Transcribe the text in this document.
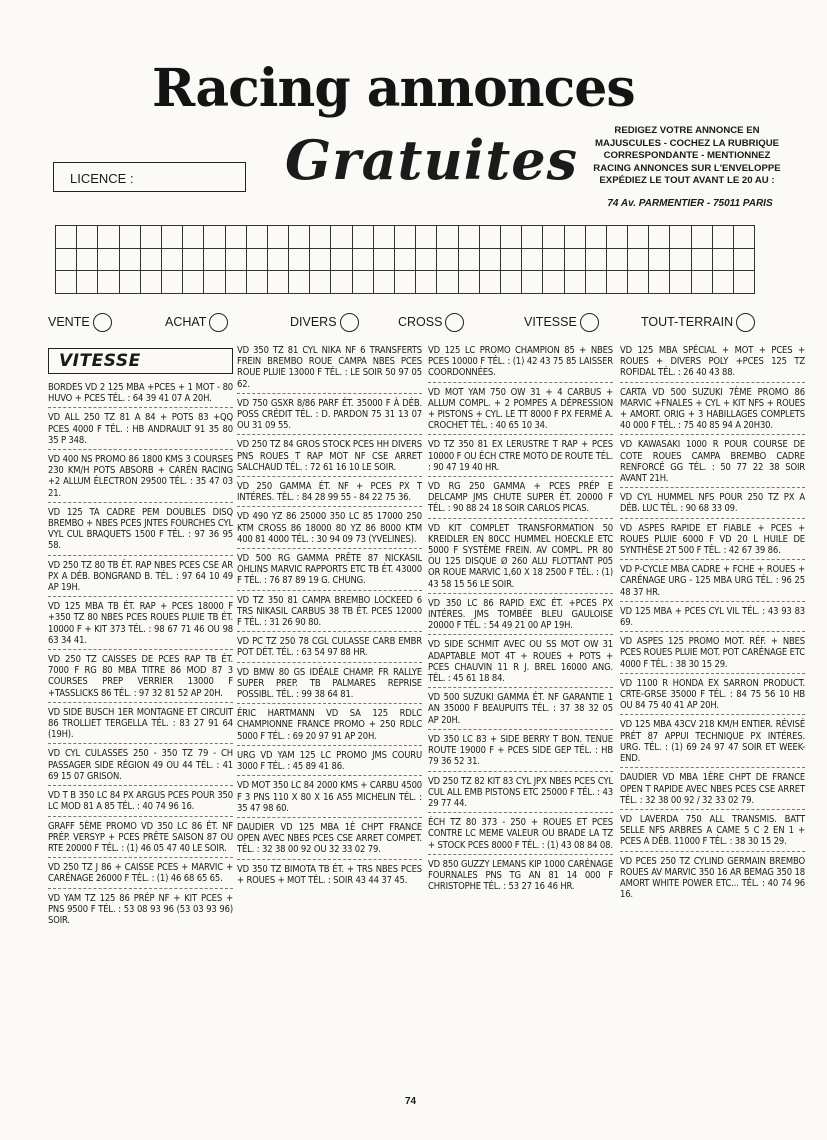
Racing annonces
Gratuites
LICENCE :
REDIGEZ VOTRE ANNONCE EN MAJUSCULES - COCHEZ LA RUBRIQUE CORRESPONDANTE - MENTIONNEZ RACING ANNONCES SUR L'ENVELOPPE EXPÉDIEZ LE TOUT AVANT LE 20 AU :
74 Av. PARMENTIER - 75011 PARIS

VENTE	ACHAT	DIVERS	CROSS	VITESSE	TOUT-TERRAIN
VITESSE

BORDES VD 2 125 MBA +PCES + 1 MOT - 80 HUVO + PCES TÉL. : 64 39 41 07 A 20H.

VD ALL 250 TZ 81 A 84 + POTS 83 +QQ PCES 4000 F TÉL. : HB ANDRAULT 91 35 80 35 P 348.

VD 400 NS PROMO 86 1800 KMS 3 COURSES 230 KM/H POTS ABSORB + CARÉN RACING +2 ALLUM ÉLECTRON 29500 TÉL. : 35 47 03 21.

VD 125 TA CADRE PEM DOUBLES DISQ BREMBO + NBES PCES JNTES FOURCHES CYL VYL CUL BRAQUETS 1500 F TÉL. : 97 36 95 58.

VD 250 TZ 80 TB ÉT. RAP NBES PCES CSE AR PX A DÉB. BONGRAND B. TÉL. : 97 64 10 49 AP 19H.

VD 125 MBA TB ÉT. RAP + PCES 18000 F +350 TZ 80 NBES PCES ROUES PLUIE TB ÉT. 10000 F + KIT 373 TÉL. : 98 67 71 46 OU 98 63 34 41.

VD 250 TZ CAISSES DE PCES RAP TB ÉT. 7000 F RG 80 MBA TITRE 86 MOD 87 3 COURSES PREP VERRIER 13000 F +TASSLICKS 86 TÉL. : 97 32 81 52 AP 20H.

VD SIDE BUSCH 1ER MONTAGNE ET CIRCUIT 86 TROLLIET TERGELLA TÉL. : 83 27 91 64 (19H).

VD CYL CULASSES 250 - 350 TZ 79 - CH PASSAGER SIDE RÉGION 49 OU 44 TÉL. : 41 69 15 07 GRISON.

VD T B 350 LC 84 PX ARGUS PCES POUR 350 LC MOD 81 A 85 TÉL. : 40 74 96 16.

GRAFF 5ÈME PROMO VD 350 LC 86 ÉT. NF PRÉP. VERSYP + PCES PRÊTE SAISON 87 OU RTE 20000 F TÉL. : (1) 46 05 47 40 LE SOIR.

VD 250 TZ J 86 + CAISSE PCES + MARVIC + CARÉNAGE 26000 F TÉL. : (1) 46 68 65 65.

VD YAM TZ 125 86 PRÉP NF + KIT PCES + PNS 9500 F TÉL. : 53 08 93 96 (53 03 93 96) SOIR.

VD 350 TZ 81 CYL NIKA NF 6 TRANSFERTS FREIN BREMBO ROUE CAMPA NBES PCES ROUE PLUIE 13000 F TÉL. : LE SOIR 50 97 05 62.

VD 750 GSXR 8/86 PARF ÉT. 35000 F À DÉB. POSS CRÉDIT TÉL. : D. PARDON 75 31 13 07 OU 31 09 55.

VD 250 TZ 84 GROS STOCK PCES HH DIVERS PNS ROUES T RAP MOT NF CSE ARRET SALCHAUD TÉL. : 72 61 16 10 LE SOIR.

VD 250 GAMMA ÉT. NF + PCES PX T INTÉRES. TÉL. : 84 28 99 55 - 84 22 75 36.

VD 490 YZ 86 25000 350 LC 85 17000 250 KTM CROSS 86 18000 80 YZ 86 8000 KTM 400 81 4000 TÉL. : 30 94 09 73 (YVELINES).

VD 500 RG GAMMA PRÊTE 87 NICKASIL OHLINS MARVIC RAPPORTS ETC TB ÉT. 43000 F TÉL. : 76 87 89 19 G. CHUNG.

VD TZ 350 81 CAMPA BREMBO LOCKEED 6 TRS NIKASIL CARBUS 38 TB ÉT. PCES 12000 F TÉL. : 31 26 90 80.

VD PC TZ 250 78 CGL CULASSE CARB EMBR POT DÉT. TÉL. : 63 54 97 88 HR.

VD BMW 80 GS IDÉALE CHAMP. FR RALLYE SUPER PREP. TB PALMARES REPRISE POSSIBL. TÉL. : 99 38 64 81.

ÉRIC HARTMANN VD SA 125 RDLC CHAMPIONNE FRANCE PROMO + 250 RDLC 5000 F TÉL. : 69 20 97 91 AP 20H.

URG VD YAM 125 LC PROMO JMS COURU 3000 F TÉL. : 45 89 41 86.

VD MOT 350 LC 84 2000 KMS + CARBU 4500 F 3 PNS 110 X 80 X 16 A55 MICHELIN TÉL. : 35 47 98 60.

DAUDIER VD 125 MBA 1È CHPT FRANCE OPEN AVEC NBES PCES CSE ARRET COMPET. TÉL. : 32 38 00 92 OU 32 33 02 79.

VD 350 TZ BIMOTA TB ÉT. + TRS NBES PCES + ROUES + MOT TÉL. : SOIR 43 44 37 45.

VD 125 LC PROMO CHAMPION 85 + NBES PCES 10000 F TÉL. : (1) 42 43 75 85 LAISSER COORDONNÉES.

VD MOT YAM 750 OW 31 + 4 CARBUS + ALLUM COMPL. + 2 POMPES A DÉPRESSION + PISTONS + CYL. LE TT 8000 F PX FERMÉ A. CROCHET TÉL. : 40 65 10 34.

VD TZ 350 81 EX LERUSTRE T RAP + PCES 10000 F OU ÉCH CTRE MOTO DE ROUTE TÉL. : 90 47 19 40 HR.

VD RG 250 GAMMA + PCES PRÉP E DELCAMP JMS CHUTE SUPER ÉT. 20000 F TÉL. : 90 88 24 18 SOIR CARLOS PICAS.

VD KIT COMPLET TRANSFORMATION 50 KREIDLER EN 80CC HUMMEL HOECKLE ETC 5000 F SYSTÈME FREIN. AV COMPL. PR 80 OU 125 DISQUE Ø 260 ALU FLOTTANT P05 OR ROUE MARVIC 1,60 X 18 2500 F TÉL. : (1) 43 58 15 56 LE SOIR.

VD 350 LC 86 RAPID EXC ÉT. +PCES PX INTÉRES. JMS TOMBÉE BLEU GAULOISE 20000 F TÉL. : 54 49 21 00 AP 19H.

VD SIDE SCHMIT AVEC OU SS MOT OW 31 ADAPTABLE MOT 4T + ROUES + POTS + PCES CHAUVIN 11 R J. BREL 16000 ANG. TÉL. : 45 61 18 84.

VD 500 SUZUKI GAMMA ÉT. NF GARANTIE 1 AN 35000 F BEAUPUITS TÉL. : 37 38 32 05 AP 20H.

VD 350 LC 83 + SIDE BERRY T BON. TENUE ROUTE 19000 F + PCES SIDE GEP TÉL. : HB 79 36 52 31.

VD 250 TZ 82 KIT 83 CYL JPX NBES PCES CYL CUL ALL EMB PISTONS ETC 25000 F TÉL. : 43 29 77 44.

ÉCH TZ 80 373 - 250 + ROUES ET PCES CONTRE LC MEME VALEUR OU BRADE LA TZ + STOCK PCES 8000 F TÉL. : (1) 43 08 84 08.

VD 850 GUZZY LEMANS KIP 1000 CARÉNAGE FOURNALES PNS TG AN 81 14 000 F CHRISTOPHE TÉL. : 53 27 16 46 HR.

VD 125 MBA SPÉCIAL + MOT + PCES + ROUES + DIVERS POLY +PCES 125 TZ ROFIDAL TÉL. : 26 40 43 88.

CARTA VD 500 SUZUKI 7ÈME PROMO 86 MARVIC +FNALES + CYL + KIT NFS + ROUES + AMORT. ORIG + 3 HABILLAGES COMPLETS 40 000 F TÉL. : 75 40 85 94 A 20H30.

VD KAWASAKI 1000 R POUR COURSE DE COTE ROUES CAMPA BREMBO CADRE RENFORCÉ GG TÉL. : 50 77 22 38 SOIR AVANT 21H.

VD CYL HUMMEL NFS POUR 250 TZ PX A DÉB. LUC TÉL. : 90 68 33 09.

VD ASPES RAPIDE ET FIABLE + PCES + ROUES PLUIE 6000 F VD 20 L HUILE DE SYNTHÈSE 2T 500 F TÉL. : 42 67 39 86.

VD P-CYCLE MBA CADRE + FCHE + ROUES + CARÉNAGE URG - 125 MBA URG TÉL. : 96 25 48 37 HR.

VD 125 MBA + PCES CYL VIL TÉL. : 43 93 83 69.

VD ASPES 125 PROMO MOT. RÉF. + NBES PCES ROUES PLUIE MOT. POT CARÉNAGE ETC 4000 F TÉL. : 38 30 15 29.

VD 1100 R HONDA EX SARRON PRODUCT. CRTE-GRSE 35000 F TÉL. : 84 75 56 10 HB OU 84 75 40 41 AP 20H.

VD 125 MBA 43CV 218 KM/H ENTIER. RÉVISÉ PRÉT 87 APPUI TECHNIQUE PX INTÉRES. URG. TÉL. : (1) 69 24 97 47 SOIR ET WEEK-END.

DAUDIER VD MBA 1ÈRE CHPT DE FRANCE OPEN T RAPIDE AVEC NBES PCES CSE ARRET TÉL. : 32 38 00 92 / 32 33 02 79.

VD LAVERDA 750 ALL TRANSMIS. BATT SELLE NFS ARBRES A CAME 5 C 2 EN 1 + PCES A DÉB. 11000 F TÉL. : 38 30 15 29.

VD PCES 250 TZ CYLIND GERMAIN BREMBO ROUES AV MARVIC 350 16 AR BEMAG 350 18 AMORT WHITE POWER ETC... TÉL. : 40 74 96 16.

74
